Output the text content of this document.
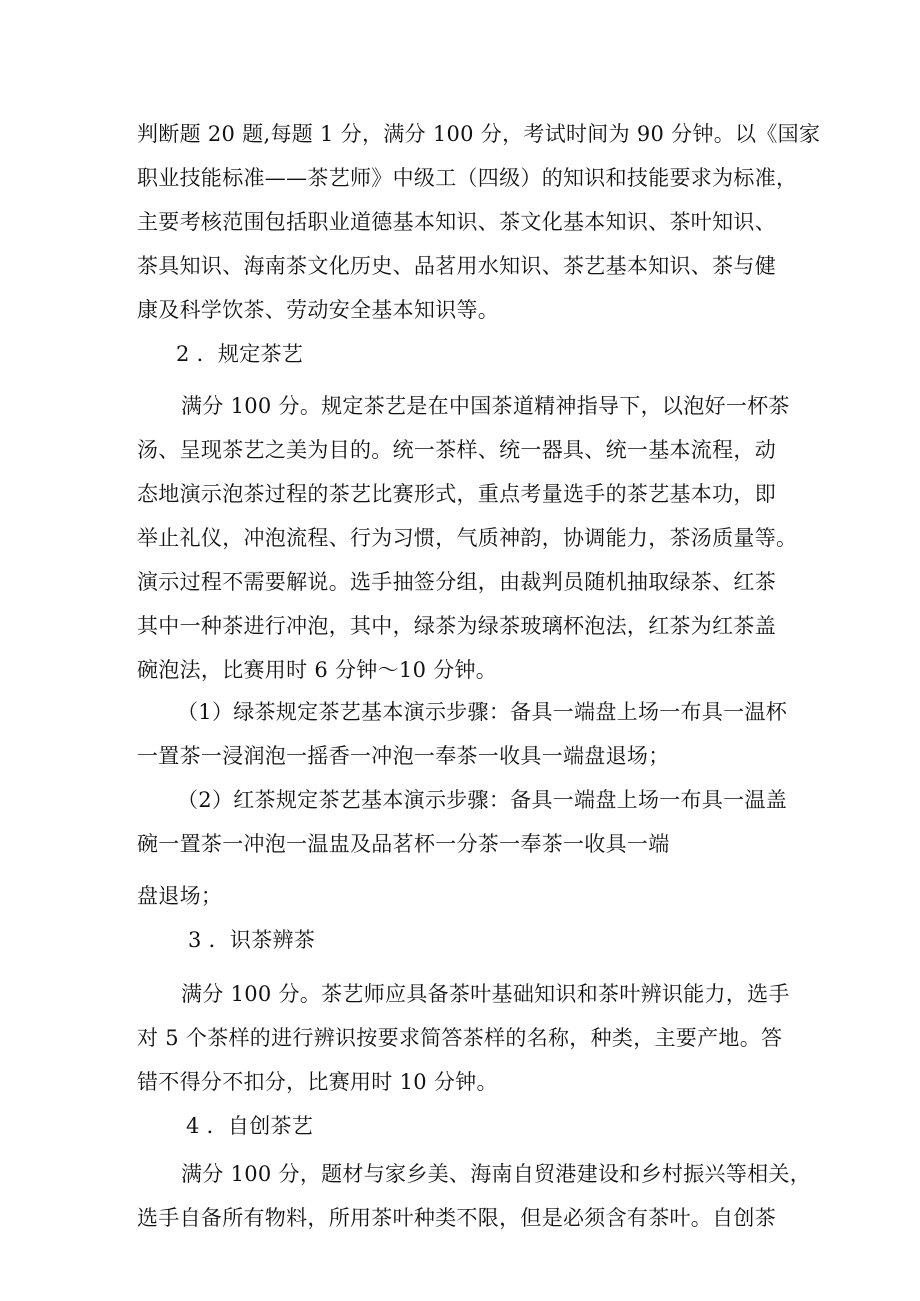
判断题 20 题,每题 1 分，满分 100 分，考试时间为 90 分钟。以《国家
职业技能标准——茶艺师》中级工（四级）的知识和技能要求为标准，
主要考核范围包括职业道德基本知识、茶文化基本知识、茶叶知识、
茶具知识、海南茶文化历史、品茗用水知识、茶艺基本知识、茶与健
康及科学饮茶、劳动安全基本知识等。
2 ．规定茶艺
满分 100 分。规定茶艺是在中国茶道精神指导下，以泡好一杯茶
汤、呈现茶艺之美为目的。统一茶样、统一器具、统一基本流程，动
态地演示泡茶过程的茶艺比赛形式，重点考量选手的茶艺基本功，即
举止礼仪，冲泡流程、行为习惯，气质神韵，协调能力，茶汤质量等。
演示过程不需要解说。选手抽签分组，由裁判员随机抽取绿茶、红茶
其中一种茶进行冲泡，其中，绿茶为绿茶玻璃杯泡法，红茶为红茶盖
碗泡法，比赛用时 6 分钟～10 分钟。
（1）绿茶规定茶艺基本演示步骤：备具一端盘上场一布具一温杯
一置茶一浸润泡一摇香一冲泡一奉茶一收具一端盘退场；
（2）红茶规定茶艺基本演示步骤：备具一端盘上场一布具一温盖
碗一置茶一冲泡一温盅及品茗杯一分茶一奉茶一收具一端
盘退场；
3 ．识茶辨茶
满分 100 分。茶艺师应具备茶叶基础知识和茶叶辨识能力，选手
对 5 个茶样的进行辨识按要求简答茶样的名称，种类，主要产地。答
错不得分不扣分，比赛用时 10 分钟。
4 ．自创茶艺
满分 100 分，题材与家乡美、海南自贸港建设和乡村振兴等相关，
选手自备所有物料，所用茶叶种类不限，但是必须含有茶叶。自创茶
